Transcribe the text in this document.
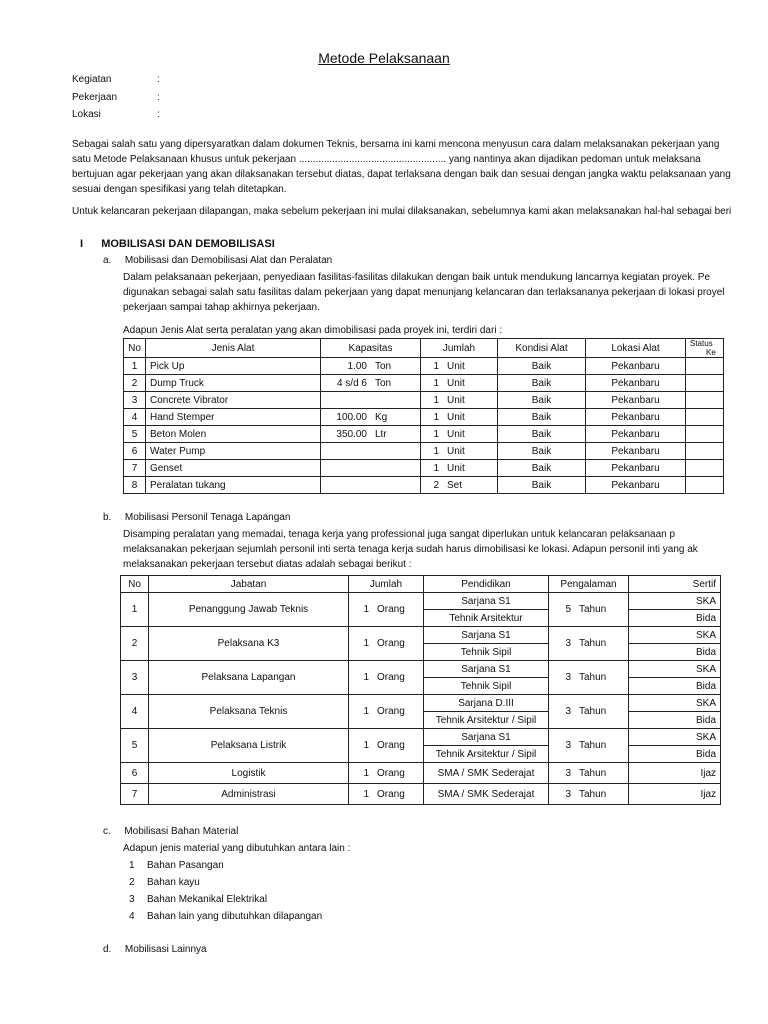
Metode Pelaksanaan
Kegiatan	:
Pekerjaan	:
Lokasi	:
Sebagai salah satu yang dipersyaratkan dalam dokumen Teknis, bersama ini kami mencona menyusun cara dalam melaksanakan pekerjaan yang
satu Metode Pelaksanaan khusus untuk pekerjaan ..................................................... yang nantinya akan dijadikan pedoman untuk melaksana
bertujuan agar pekerjaan yang akan dilaksanakan tersebut diatas, dapat terlaksana dengan baik dan sesuai dengan jangka waktu pelaksanaan yang
sesuai dengan spesifikasi yang telah ditetapkan.
Untuk kelancaran pekerjaan dilapangan, maka sebelum pekerjaan ini mulai dilaksanakan, sebelumnya kami akan melaksanakan hal-hal sebagai beri
I MOBILISASI DAN DEMOBILISASI
a. Mobilisasi dan Demobilisasi Alat dan Peralatan
Dalam pelaksanaan pekerjaan, penyediaan fasilitas-fasilitas dilakukan dengan baik untuk mendukung lancarnya kegiatan proyek. Pe
digunakan sebagai salah satu fasilitas dalam pekerjaan yang dapat menunjang kelancaran dan terlaksananya pekerjaan di lokasi proyel
pekerjaan sampai tahap akhirnya pekerjaan.
Adapun Jenis Alat serta peralatan yang akan dimobilisasi pada proyek ini, terdiri dari :
No	Jenis Alat	Kapasitas	Jumlah	Kondisi Alat	Lokasi Alat	Status
Ke

1	Pick Up	1.00 Ton	1 Unit	Baik	Pekanbaru	
2	Dump Truck	4 s/d 6 Ton	1 Unit	Baik	Pekanbaru	
3	Concrete Vibrator		1 Unit	Baik	Pekanbaru	
4	Hand Stemper	100.00 Kg	1 Unit	Baik	Pekanbaru	
5	Beton Molen	350.00 Ltr	1 Unit	Baik	Pekanbaru	
6	Water Pump		1 Unit	Baik	Pekanbaru	
7	Genset		1 Unit	Baik	Pekanbaru	
8	Peralatan tukang		2 Set	Baik	Pekanbaru	
b. Mobilisasi Personil Tenaga Lapangan
Disamping peralatan yang memadai, tenaga kerja yang professional juga sangat diperlukan untuk kelancaran pelaksanaan p
melaksanakan pekerjaan sejumlah personil inti serta tenaga kerja sudah harus dimobilisasi ke lokasi. Adapun personil inti yang ak
melaksanakan pekerjaan tersebut diatas adalah sebagai berikut :
No	Jabatan	Jumlah	Pendidikan	Pengalaman	Sertif
1	Penanggung Jawab Teknis	1 Orang	Sarjana S1	5 Tahun	SKA
			Tehnik Arsitektur		Bida
2	Pelaksana K3	1 Orang	Sarjana S1	3 Tahun	SKA
			Tehnik Sipil		Bida
3	Pelaksana Lapangan	1 Orang	Sarjana S1	3 Tahun	SKA
			Tehnik Sipil		Bida
4	Pelaksana Teknis	1 Orang	Sarjana D.III	3 Tahun	SKA
			Tehnik Arsitektur / Sipil		Bida
5	Pelaksana Listrik	1 Orang	Sarjana S1	3 Tahun	SKA
			Tehnik Arsitektur / Sipil		Bida
6	Logistik	1 Orang	SMA / SMK Sederajat	3 Tahun	Ijaz
7	Administrasi	1 Orang	SMA / SMK Sederajat	3 Tahun	Ijaz
c. Mobilisasi Bahan Material
Adapun jenis material yang dibutuhkan antara lain :
1 Bahan Pasangan
2 Bahan kayu
3 Bahan Mekanikal Elektrikal
4 Bahan lain yang dibutuhkan dilapangan
d. Mobilisasi Lainnya
